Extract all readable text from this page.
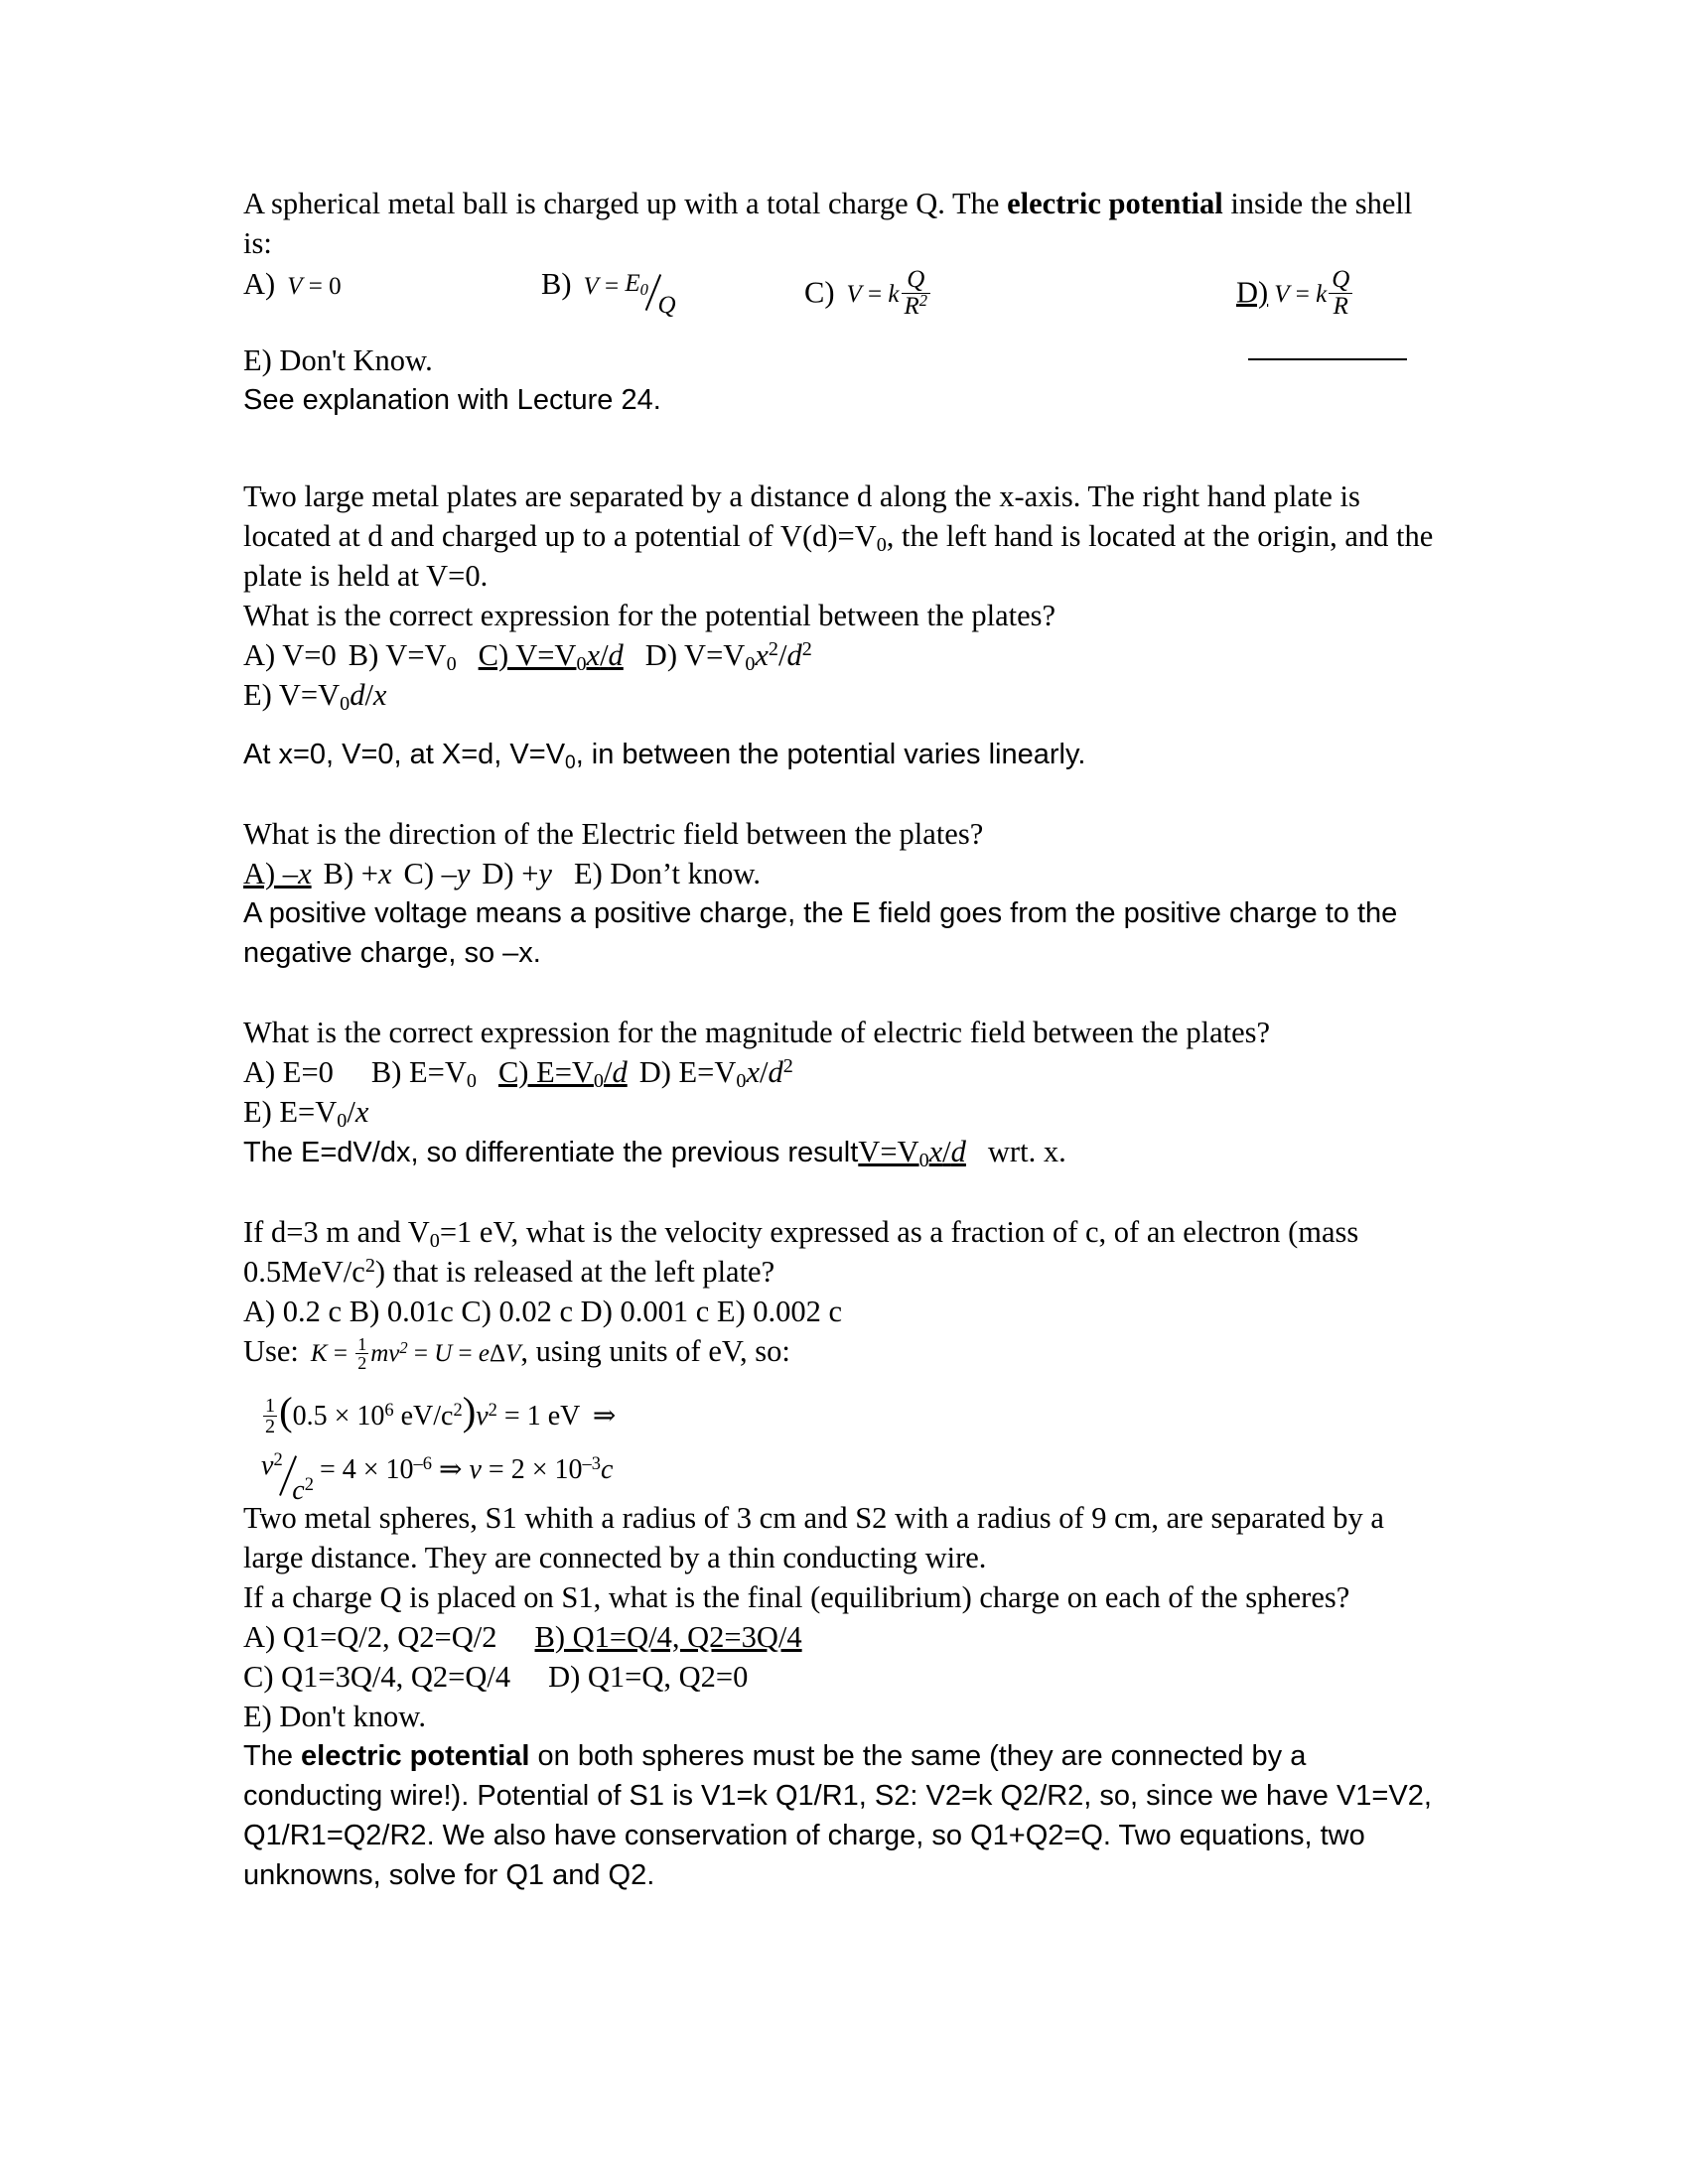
A spherical metal ball is charged up with a total charge Q. The electric potential inside the shell is:

A) V = 0	B) $V = E_0Q$	C) V = k $\frac{Q}{R^2}$	D) V = k $\frac{Q}{R}$

E) Don't Know.

See explanation with Lecture 24.

Two large metal plates are separated by a distance d along the x-axis. The right hand plate is located at d and charged up to a potential of $V(d)=V_0$, the left hand is located at the origin, and the plate is held at V=0.

What is the correct expression for the potential between the plates?

A) V=0 B) $V=V_0$ C) $V=V_0x/d$ D) $V=V_0x^2/d^2$

E) $V=V_0d/x$

At x=0, V=0, at X=d, $V=V_0$, in between the potential varies linearly.

What is the direction of the Electric field between the plates?

A) –x B) +x C) –y D) +y E) Don’t know.

A positive voltage means a positive charge, the E field goes from the positive charge to the negative charge, so –x.

What is the correct expression for the magnitude of electric field between the plates?

A) E=0 B) $E=V_0$ C) $E=V_0/d$ D) $E=V_0x/d^2$

E) $E=V_0/x$

The E=dV/dx, so differentiate the previous $resultV=V_0x/d$ wrt. x.

If d=3 m and $V_0=1$ eV, what is the velocity expressed as a fraction of c, of an electron (mass $0.5MeV/c^2$) that is released at the left plate?

A) 0.2 c B) 0.01c C) 0.02 c D) 0.001 c E) 0.002 c

Use: $K = \frac{1}{2} mv^2 = U = e\Delta V$, using units of eV, so:

$\frac{1}{2} (0.5 \times 10^6$ $eV/c^2)v^2 = 1$ eV ⇒

$v^2c^2 = 4 \times 10^{-6}$ ⇒ $v = 2 \times 10^{-3}c$

Two metal spheres, S1 whith a radius of 3 cm and S2 with a radius of 9 cm, are separated by a large distance. They are connected by a thin conducting wire.

If a charge Q is placed on S1, what is the final (equilibrium) charge on each of the spheres?

A) Q1=Q/2, Q2=Q/2 B) Q1=Q/4, Q2=3Q/4

C) Q1=3Q/4, Q2=Q/4 D) Q1=Q, Q2=0

E) Don't know.

The electric potential on both spheres must be the same (they are connected by a conducting wire!). Potential of S1 is V1=k Q1/R1, S2: V2=k Q2/R2, so, since we have V1=V2, Q1/R1=Q2/R2. We also have conservation of charge, so Q1+Q2=Q. Two equations, two unknowns, solve for Q1 and Q2.
